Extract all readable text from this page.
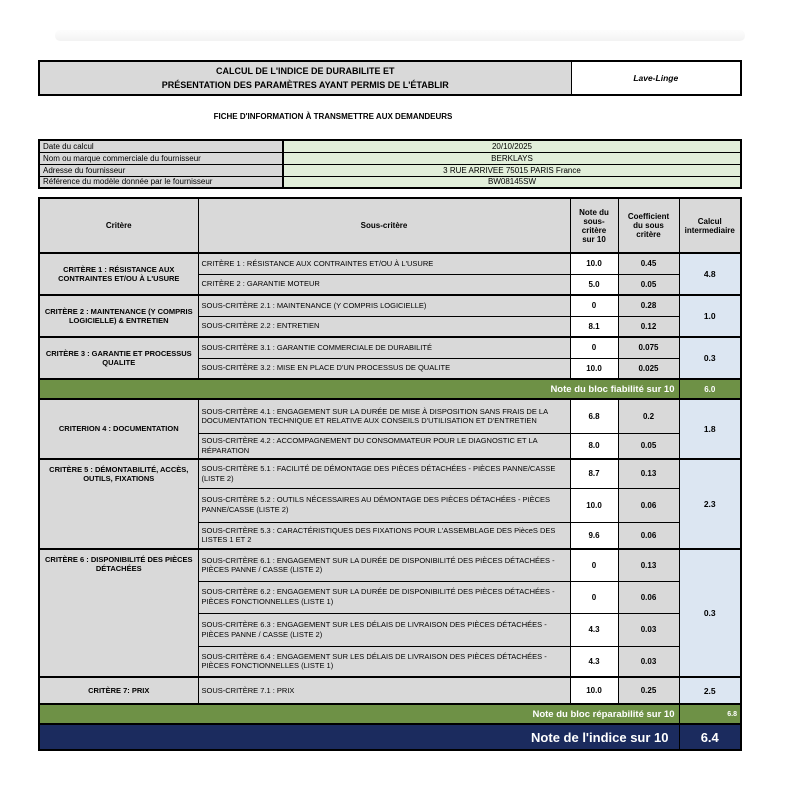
CALCUL DE L'INDICE DE DURABILITE ET
PRÉSENTATION DES PARAMÈTRES AYANT PERMIS DE L'ÉTABLIR
	Lave-Linge
FICHE D'INFORMATION À TRANSMETTRE AUX DEMANDEURS
Date du calcul	20/10/2025
Nom ou marque commerciale du fournisseur	BERKLAYS
Adresse du fournisseur	3 RUE ARRIVEE 75015 PARIS France
Référence du modèle donnée par le fournisseur	BW08145SW
Critère	Sous-critère	Note du sous-critère sur 10	Coefficient du sous critère	Calcul intermediaire
CRITÈRE 1 : RÉSISTANCE AUX CONTRAINTES ET/OU À L'USURE	CRITÈRE 1 : RÉSISTANCE AUX CONTRAINTES ET/OU À L'USURE	10.0	0.45	4.8
	CRITÈRE 2 : GARANTIE MOTEUR	5.0	0.05	
CRITÈRE 2 : MAINTENANCE (Y COMPRIS LOGICIELLE) & ENTRETIEN	SOUS-CRITÈRE 2.1 : MAINTENANCE (Y COMPRIS LOGICIELLE)	0	0.28	1.0
	SOUS-CRITÈRE 2.2 : ENTRETIEN	8.1	0.12	
CRITÈRE 3 : GARANTIE ET PROCESSUS QUALITE	SOUS-CRITÈRE 3.1 : GARANTIE COMMERCIALE DE DURABILITÉ	0	0.075	0.3
	SOUS-CRITÈRE 3.2 : MISE EN PLACE D'UN PROCESSUS DE QUALITE	10.0	0.025	
Note du bloc fiabilité sur 10				6.0
CRITERION 4 : DOCUMENTATION	SOUS-CRITÈRE 4.1 : ENGAGEMENT SUR LA DURÉE DE MISE À DISPOSITION SANS FRAIS DE LA DOCUMENTATION TECHNIQUE ET RELATIVE AUX CONSEILS D'UTILISATION ET D'ENTRETIEN	6.8	0.2	1.8
	SOUS-CRITÈRE 4.2 : ACCOMPAGNEMENT DU CONSOMMATEUR POUR LE DIAGNOSTIC ET LA RÉPARATION	8.0	0.05	
CRITÈRE 5 : DÉMONTABILITÉ, ACCÈS, OUTILS, FIXATIONS	SOUS-CRITÈRE 5.1 : FACILITÉ DE DÉMONTAGE DES PIÈCES DÉTACHÉES - PIÈCES PANNE/CASSE (LISTE 2)	8.7	0.13	2.3
	SOUS-CRITÈRE 5.2 : OUTILS NÉCESSAIRES AU DÉMONTAGE DES PIÈCES DÉTACHÉES - PIÈCES PANNE/CASSE (LISTE 2)	10.0	0.06	
	SOUS-CRITÈRE 5.3 : CARACTÉRISTIQUES DES FIXATIONS POUR L'ASSEMBLAGE DES PièceS DES LISTES 1 ET 2	9.6	0.06	
CRITÈRE 6 : DISPONIBILITÉ DES PIÈCES DÉTACHÉES	SOUS-CRITÈRE 6.1 : ENGAGEMENT SUR LA DURÉE DE DISPONIBILITÉ DES PIÈCES DÉTACHÉES - PIÈCES PANNE / CASSE (LISTE 2)	0	0.13	0.3
	SOUS-CRITÈRE 6.2 : ENGAGEMENT SUR LA DURÉE DE DISPONIBILITÉ DES PIÈCES DÉTACHÉES - PIÈCES FONCTIONNELLES (LISTE 1)	0	0.06	
	SOUS-CRITÈRE 6.3 : ENGAGEMENT SUR LES DÉLAIS DE LIVRAISON DES PIÈCES DÉTACHÉES - PIÈCES PANNE / CASSE (LISTE 2)	4.3	0.03	
	SOUS-CRITÈRE 6.4 : ENGAGEMENT SUR LES DÉLAIS DE LIVRAISON DES PIÈCES DÉTACHÉES - PIÈCES FONCTIONNELLES (LISTE 1)	4.3	0.03	
CRITÈRE 7: PRIX	SOUS-CRITÈRE 7.1 : PRIX	10.0	0.25	2.5
Note du bloc réparabilité sur 10				6.8
Note de l'indice sur 10				6.4
